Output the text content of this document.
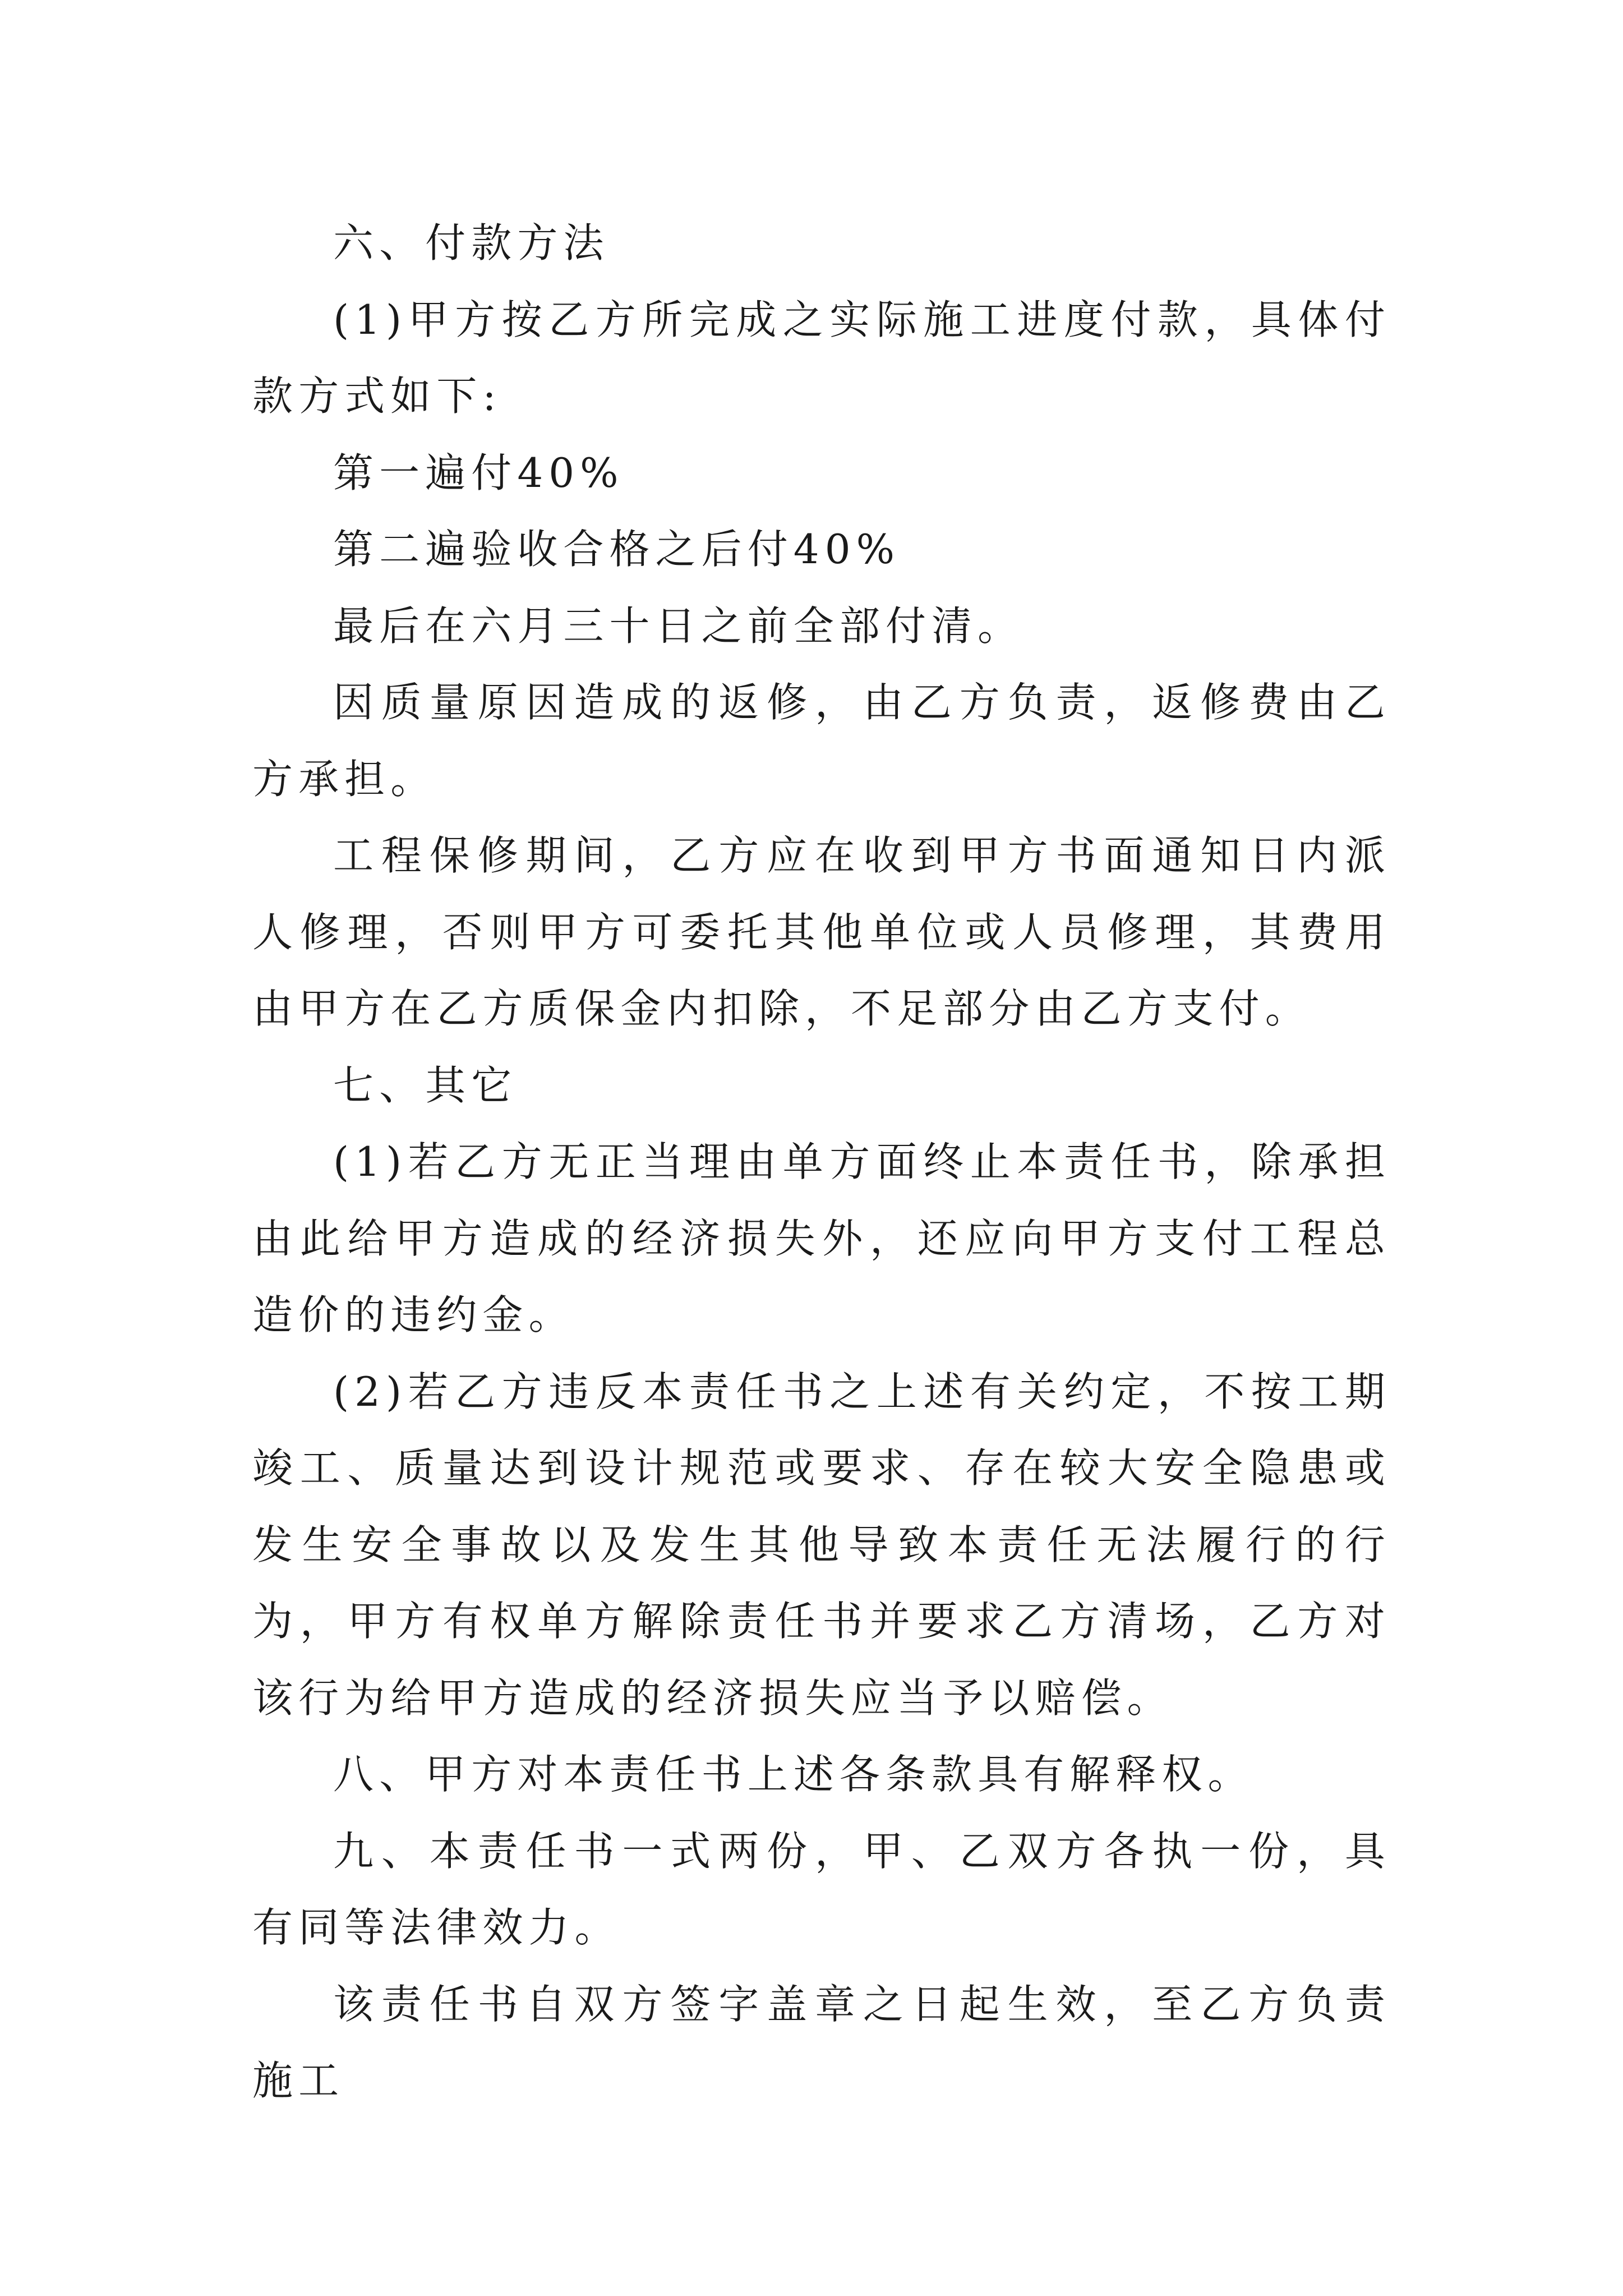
六、付款方法

(1)甲方按乙方所完成之实际施工进度付款，具体付款方式如下:

第一遍付40%

第二遍验收合格之后付40%

最后在六月三十日之前全部付清。

因质量原因造成的返修，由乙方负责，返修费由乙方承担。

工程保修期间，乙方应在收到甲方书面通知日内派人修理，否则甲方可委托其他单位或人员修理，其费用由甲方在乙方质保金内扣除，不足部分由乙方支付。

七、其它

(1)若乙方无正当理由单方面终止本责任书，除承担由此给甲方造成的经济损失外，还应向甲方支付工程总造价的违约金。

(2)若乙方违反本责任书之上述有关约定，不按工期竣工、质量达到设计规范或要求、存在较大安全隐患或发生安全事故以及发生其他导致本责任无法履行的行为，甲方有权单方解除责任书并要求乙方清场，乙方对该行为给甲方造成的经济损失应当予以赔偿。

八、甲方对本责任书上述各条款具有解释权。

九、本责任书一式两份，甲、乙双方各执一份，具有同等法律效力。

该责任书自双方签字盖章之日起生效，至乙方负责施工
